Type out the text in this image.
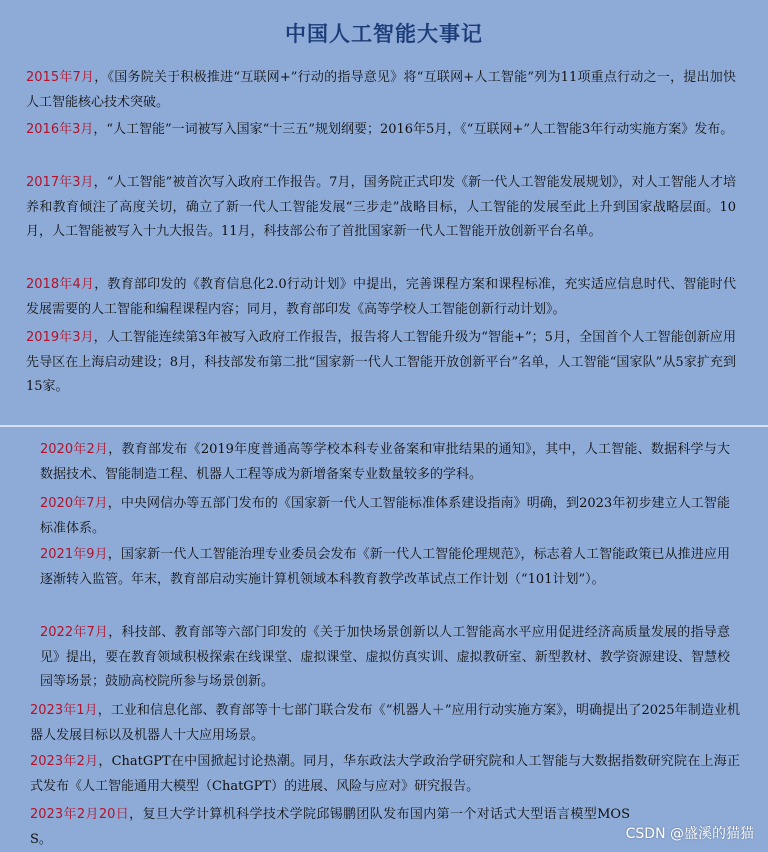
中国人工智能大事记

2015年7月，《国务院关于积极推进“互联网+”行动的指导意见》将“互联网+人工智能”列为11项重点行动之一，提出加快人工智能核心技术突破。

2016年3月，“人工智能”一词被写入国家“十三五”规划纲要；2016年5月，《“互联网+”人工智能3年行动实施方案》发布。

2017年3月，“人工智能”被首次写入政府工作报告。7月，国务院正式印发《新一代人工智能发展规划》，对人工智能人才培养和教育倾注了高度关切，确立了新一代人工智能发展“三步走”战略目标，人工智能的发展至此上升到国家战略层面。10月，人工智能被写入十九大报告。11月，科技部公布了首批国家新一代人工智能开放创新平台名单。

2018年4月，教育部印发的《教育信息化2.0行动计划》中提出，完善课程方案和课程标准，充实适应信息时代、智能时代发展需要的人工智能和编程课程内容；同月，教育部印发《高等学校人工智能创新行动计划》。

2019年3月，人工智能连续第3年被写入政府工作报告，报告将人工智能升级为“智能+”；5月，全国首个人工智能创新应用先导区在上海启动建设；8月，科技部发布第二批“国家新一代人工智能开放创新平台”名单，人工智能“国家队”从5家扩充到15家。

2020年2月，教育部发布《2019年度普通高等学校本科专业备案和审批结果的通知》，其中，人工智能、数据科学与大数据技术、智能制造工程、机器人工程等成为新增备案专业数量较多的学科。

2020年7月，中央网信办等五部门发布的《国家新一代人工智能标准体系建设指南》明确，到2023年初步建立人工智能标准体系。

2021年9月，国家新一代人工智能治理专业委员会发布《新一代人工智能伦理规范》，标志着人工智能政策已从推进应用逐渐转入监管。年末，教育部启动实施计算机领域本科教育教学改革试点工作计划（“101计划”）。

2022年7月，科技部、教育部等六部门印发的《关于加快场景创新以人工智能高水平应用促进经济高质量发展的指导意见》提出，要在教育领域积极探索在线课堂、虚拟课堂、虚拟仿真实训、虚拟教研室、新型教材、教学资源建设、智慧校园等场景；鼓励高校院所参与场景创新。

2023年1月，工业和信息化部、教育部等十七部门联合发布《“机器人＋”应用行动实施方案》，明确提出了2025年制造业机器人发展目标以及机器人十大应用场景。

2023年2月，ChatGPT在中国掀起讨论热潮。同月，华东政法大学政治学研究院和人工智能与大数据指数研究院在上海正式发布《人工智能通用大模型（ChatGPT）的进展、风险与应对》研究报告。

2023年2月20日，复旦大学计算机科学技术学院邱锡鹏团队发布国内第一个对话式大型语言模型MOSS。	CSDN @盛溪的猫猫
